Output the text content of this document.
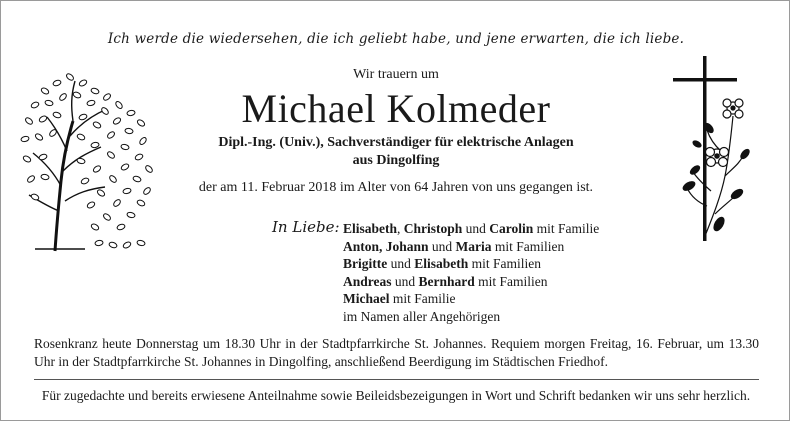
Ich werde die wiedersehen, die ich geliebt habe, und jene erwarten, die ich liebe.
Wir trauern um
Michael Kolmeder
Dipl.-Ing. (Univ.), Sachverständiger für elektrische Anlagen
aus Dingolfing
der am 11. Februar 2018 im Alter von 64 Jahren von uns gegangen ist.
In Liebe: Elisabeth, Christoph und Carolin mit Familie
Anton, Johann und Maria mit Familien
Brigitte und Elisabeth mit Familien
Andreas und Bernhard mit Familien
Michael mit Familie
im Namen aller Angehörigen
Rosenkranz heute Donnerstag um 18.30 Uhr in der Stadtpfarrkirche St. Johannes. Requiem morgen Freitag, 16. Februar, um 13.30 Uhr in der Stadtpfarrkirche St. Johannes in Dingolfing, anschließend Beerdigung im Städtischen Friedhof.
Für zugedachte und bereits erwiesene Anteilnahme sowie Beileidsbezeigungen in Wort und Schrift bedanken wir uns sehr herzlich.
